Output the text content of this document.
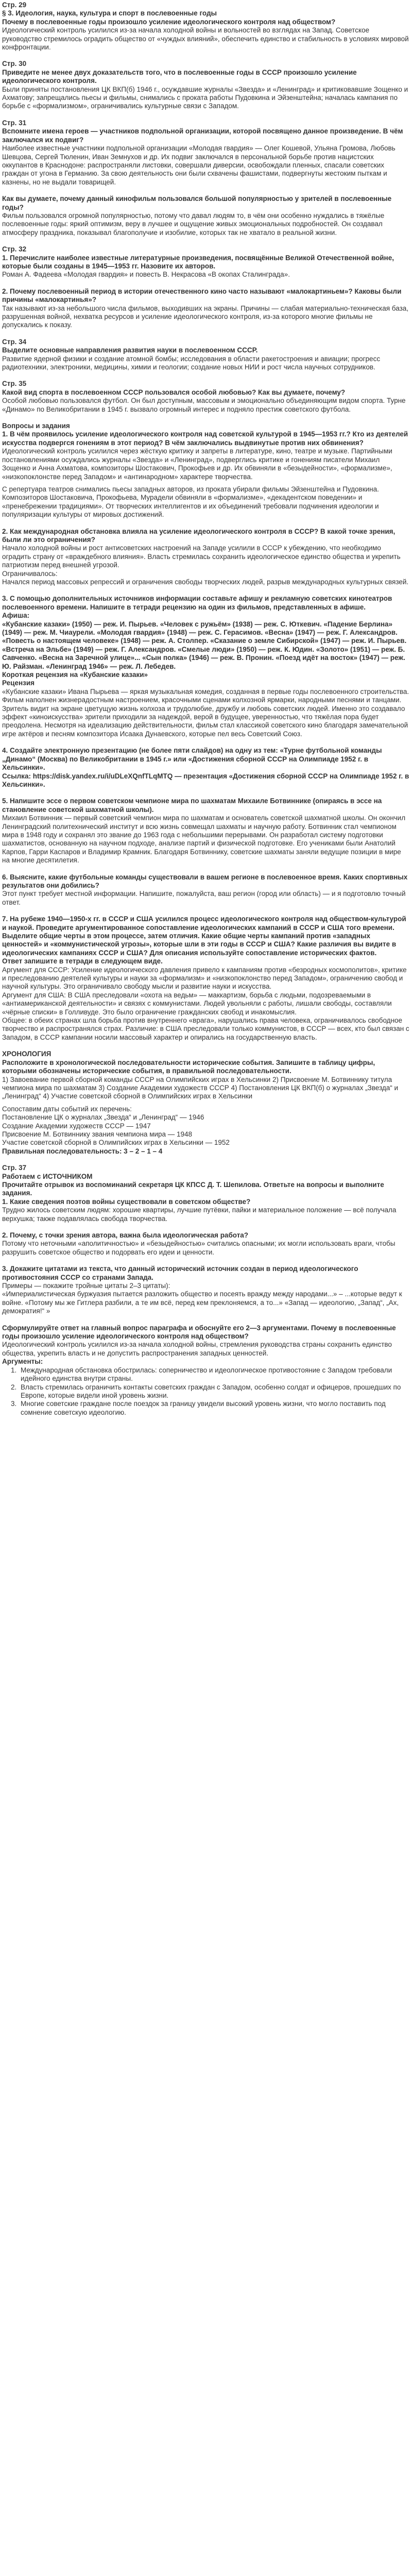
Стр. 29

§ 3. Идеология, наука, культура и спорт в послевоенные годы

Почему в послевоенные годы произошло усиление идеологического контроля над обществом?

Идеологический контроль усилился из-за начала холодной войны и вольностей во взглядах на Запад. Советское руководство стремилось оградить общество от «чуждых влияний», обеспечить единство и стабильность в условиях мировой конфронтации.

Стр. 30

Приведите не менее двух доказательств того, что в послевоенные годы в СССР произошло усиление идеологического контроля.

Были приняты постановления ЦК ВКП(б) 1946 г., осуждавшие журналы «Звезда» и «Ленинград» и критиковавшие Зощенко и Ахматову; запрещались пьесы и фильмы, снимались с проката работы Пудовкина и Эйзенштейна; началась кампания по борьбе с «формализмом», ограничивались культурные связи с Западом.

Стр. 31

Вспомните имена героев — участников подпольной организации, которой посвящено данное произведение. В чём заключался их подвиг?

Наиболее известные участники подпольной организации «Молодая гвардия» — Олег Кошевой, Ульяна Громова, Любовь Шевцова, Сергей Тюленин, Иван Земнухов и др. Их подвиг заключался в персональной борьбе против нацистских оккупантов в Краснодоне: распространяли листовки, совершали диверсии, освобождали пленных, спасали советских граждан от угона в Германию. За свою деятельность они были схвачены фашистами, подвергнуты жестоким пыткам и казнены, но не выдали товарищей.

Как вы думаете, почему данный кинофильм пользовался большой популярностью у зрителей в послевоенные годы?

Фильм пользовался огромной популярностью, потому что давал людям то, в чём они особенно нуждались в тяжёлые послевоенные годы: яркий оптимизм, веру в лучшее и ощущение живых эмоциональных подробностей. Он создавал атмосферу праздника, показывал благополучие и изобилие, которых так не хватало в реальной жизни.

Стр. 32

1. Перечислите наиболее известные литературные произведения, посвящённые Великой Отечественной войне, которые были созданы в 1945—1953 гг. Назовите их авторов.

Роман А. Фадеева «Молодая гвардия» и повесть В. Некрасова «В окопах Сталинграда».

2. Почему послевоенный период в истории отечественного кино часто называют «малокартиньем»? Каковы были причины «малокартинья»?

Так называют из-за небольшого числа фильмов, выходивших на экраны. Причины — слабая материально-техническая база, разрушенная войной, нехватка ресурсов и усиление идеологического контроля, из-за которого многие фильмы не допускались к показу.

Стр. 34

Выделите основные направления развития науки в послевоенном СССР.

Развитие ядерной физики и создание атомной бомбы; исследования в области ракетостроения и авиации; прогресс радиотехники, электроники, медицины, химии и геологии; создание новых НИИ и рост числа научных сотрудников.

Стр. 35

Какой вид спорта в послевоенном СССР пользовался особой любовью? Как вы думаете, почему?

Особой любовью пользовался футбол. Он был доступным, массовым и эмоционально объединяющим видом спорта. Турне «Динамо» по Великобритании в 1945 г. вызвало огромный интерес и подняло престиж советского футбола.

Вопросы и задания

1. В чём проявилось усиление идеологического контроля над советской культурой в 1945—1953 гг.? Кто из деятелей искусства подвергся гонениям в этот период? В чём заключались выдвинутые против них обвинения?

Идеологический контроль усилился через жёсткую критику и запреты в литературе, кино, театре и музыке. Партийными постановлениями осуждались журналы «Звезда» и «Ленинград», подверглись критике и гонениям писатели Михаил Зощенко и Анна Ахматова, композиторы Шостакович, Прокофьев и др. Их обвиняли в «безыдейности», «формализме», «низкопоклонстве перед Западом» и «антинародном» характере творчества.

С репертуара театров снимались пьесы западных авторов, из проката убирали фильмы Эйзенштейна и Пудовкина. Композиторов Шостаковича, Прокофьева, Мурадели обвиняли в «формализме», «декадентском поведении» и «пренебрежении традициями». От творческих интеллигентов и их объединений требовали подчинения идеологии и популяризации культуры от мировых достижений.

2. Как международная обстановка влияла на усиление идеологического контроля в СССР? В какой точке зрения, были ли это ограничения?

Начало холодной войны и рост антисоветских настроений на Западе усилили в СССР к убеждению, что необходимо оградить страну от «враждебного влияния». Власть стремилась сохранить идеологическое единство общества и укрепить патриотизм перед внешней угрозой.

Ограничивалось:

Начался период массовых репрессий и ограничения свободы творческих людей, разрыв международных культурных связей.

3. С помощью дополнительных источников информации составьте афишу и рекламную советских кинотеатров послевоенного времени. Напишите в тетради рецензию на один из фильмов, представленных в афише.

Афиша:

«Кубанские казаки» (1950) — реж. И. Пырьев. «Человек с ружьём» (1938) — реж. С. Юткевич. «Падение Берлина» (1949) — реж. М. Чиаурели. «Молодая гвардия» (1948) — реж. С. Герасимов. «Весна» (1947) — реж. Г. Александров. «Повесть о настоящем человеке» (1948) — реж. А. Столпер. «Сказание о земле Сибирской» (1947) — реж. И. Пырьев. «Встреча на Эльбе» (1949) — реж. Г. Александров. «Смелые люди» (1950) — реж. К. Юдин. «Золото» (1951) — реж. Б. Савченко. «Весна на Заречной улице»... «Сын полка» (1946) — реж. В. Пронин. «Поезд идёт на восток» (1947) — реж. Ю. Райзман. «Ленинград 1946» — реж. Л. Лебедев.

Короткая рецензия на «Кубанские казаки»

Рецензия

«Кубанские казаки» Ивана Пырьева — яркая музыкальная комедия, созданная в первые годы послевоенного строительства. Фильм наполнен жизнерадостным настроением, красочными сценами колхозной ярмарки, народными песнями и танцами. Зритель видит на экране цветущую жизнь колхоза и трудолюбие, дружбу и любовь советских людей. Именно это создавало эффект «киноискусства» зрители приходили за надеждой, верой в будущее, уверенностью, что тяжёлая пора будет преодолена. Несмотря на идеализацию действительности, фильм стал классикой советского кино благодаря замечательной игре актёров и песням композитора Исаака Дунаевского, которые пел весь Советский Союз.

4. Создайте электронную презентацию (не более пяти слайдов) на одну из тем: «Турне футбольной команды „Динамо“ (Москва) по Великобритании в 1945 г.» или «Достижения сборной СССР на Олимпиаде 1952 г. в Хельсинки».

Ссылка: https://disk.yandex.ru/i/uDLeXQnfTLqMTQ — презентация «Достижения сборной СССР на Олимпиаде 1952 г. в Хельсинки».

5. Напишите эссе о первом советском чемпионе мира по шахматам Михаиле Ботвиннике (опираясь в эссе на становление советской шахматной школы).

Михаил Ботвинник — первый советский чемпион мира по шахматам и основатель советской шахматной школы. Он окончил Ленинградский политехнический институт и всю жизнь совмещал шахматы и научную работу. Ботвинник стал чемпионом мира в 1948 году и сохранял это звание до 1963 года с небольшими перерывами. Он разработал систему подготовки шахматистов, основанную на научном подходе, анализе партий и физической подготовке. Его учениками были Анатолий Карпов, Гарри Каспаров и Владимир Крамник. Благодаря Ботвиннику, советские шахматы заняли ведущие позиции в мире на многие десятилетия.

6. Выясните, какие футбольные команды существовали в вашем регионе в послевоенное время. Каких спортивных результатов они добились?

Этот пункт требует местной информации. Напишите, пожалуйста, ваш регион (город или область) — и я подготовлю точный ответ.

7. На рубеже 1940—1950-х гг. в СССР и США усилился процесс идеологического контроля над обществом-культурой и наукой. Проведите аргументированное сопоставление идеологических кампаний в СССР и США того времени. Выделите общие черты в этом процессе, затем отличия. Какие общие черты кампаний против «западных ценностей» и «коммунистической угрозы», которые шли в эти годы в СССР и США? Какие различия вы видите в идеологических кампаниях СССР и США? Для описания используйте сопоставление исторических фактов.

Ответ запишите в тетради в следующем виде.

Аргумент для СССР: Усиление идеологического давления привело к кампаниям против «безродных космополитов», критике и преследованию деятелей культуры и науки за «формализм» и «низкопоклонство перед Западом», ограничению свобод и научной культуры. Это ограничивало свободу мысли и развитие науки и искусства.

Аргумент для США: В США преследовали «охота на ведьм» — маккартизм, борьба с людьми, подозреваемыми в «антиамериканской деятельности» и связях с коммунистами. Людей увольняли с работы, лишали свободы, составляли «чёрные списки» в Голливуде. Это было ограничение гражданских свобод и инакомыслия.

Общее: в обеих странах шла борьба против внутреннего «врага», нарушались права человека, ограничивалось свободное творчество и распространялся страх. Различие: в США преследовали только коммунистов, в СССР — всех, кто был связан с Западом, в СССР кампании носили массовый характер и опирались на государственную власть.

ХРОНОЛОГИЯ

Расположите в хронологической последовательности исторические события. Запишите в таблицу цифры, которыми обозначены исторические события, в правильной последовательности.

1) Завоевание первой сборной команды СССР на Олимпийских играх в Хельсинки 2) Присвоение М. Ботвиннику титула чемпиона мира по шахматам 3) Создание Академии художеств СССР 4) Постановления ЦК ВКП(б) о журналах „Звезда“ и „Ленинград“ 4) Участие советской сборной в Олимпийских играх в Хельсинки

Сопоставим даты событий их перечень:

Постановление ЦК о журналах „Звезда“ и „Ленинград“ — 1946

Создание Академии художеств СССР — 1947

Присвоение М. Ботвиннику звания чемпиона мира — 1948

Участие советской сборной в Олимпийских играх в Хельсинки — 1952

Правильная последовательность: 3 – 2 – 1 – 4

Стр. 37

Работаем с ИСТОЧНИКОМ

Прочитайте отрывок из воспоминаний секретаря ЦК КПСС Д. Т. Шепилова. Ответьте на вопросы и выполните задания.

1. Какие сведения поэтов войны существовали в советском обществе?

Трудно жилось советским людям: хорошие квартиры, лучшие путёвки, пайки и материальное положение — всё получала верхушка; также подавлялась свобода творчества.

2. Почему, с точки зрения автора, важна была идеологическая работа?

Потому что неточными «аполитичностью» и «безыдейностью» считались опасными; их могли использовать враги, чтобы разрушить советское общество и подорвать его идеи и ценности.

3. Докажите цитатами из текста, что данный исторический источник создан в период идеологического противостояния СССР со странами Запада.

Примеры — покажите тройные цитаты 2–3 цитаты):

«Империалистическая буржуазия пытается разложить общество и посеять вражду между народами...» – ...которые ведут к войне. «Потому мы же Гитлера разбили, а те им всё, перед кем преклоняемся, а то...» «Запад — идеологию, „Запад“, „Ах, демократия!“ »

Сформулируйте ответ на главный вопрос параграфа и обоснуйте его 2—3 аргументами. Почему в послевоенные годы произошло усиление идеологического контроля над обществом?

Идеологический контроль усилился из-за начала холодной войны, стремления руководства страны сохранить единство общества, укрепить власть и не допустить распространения западных ценностей.

Аргументы:

1. Международная обстановка обострилась: соперничество и идеологическое противостояние с Западом требовали идейного единства внутри страны.
2. Власть стремилась ограничить контакты советских граждан с Западом, особенно солдат и офицеров, прошедших по Европе, которые видели иной уровень жизни.
3. Многие советские граждане после поездок за границу увидели высокий уровень жизни, что могло поставить под сомнение советскую идеологию.
